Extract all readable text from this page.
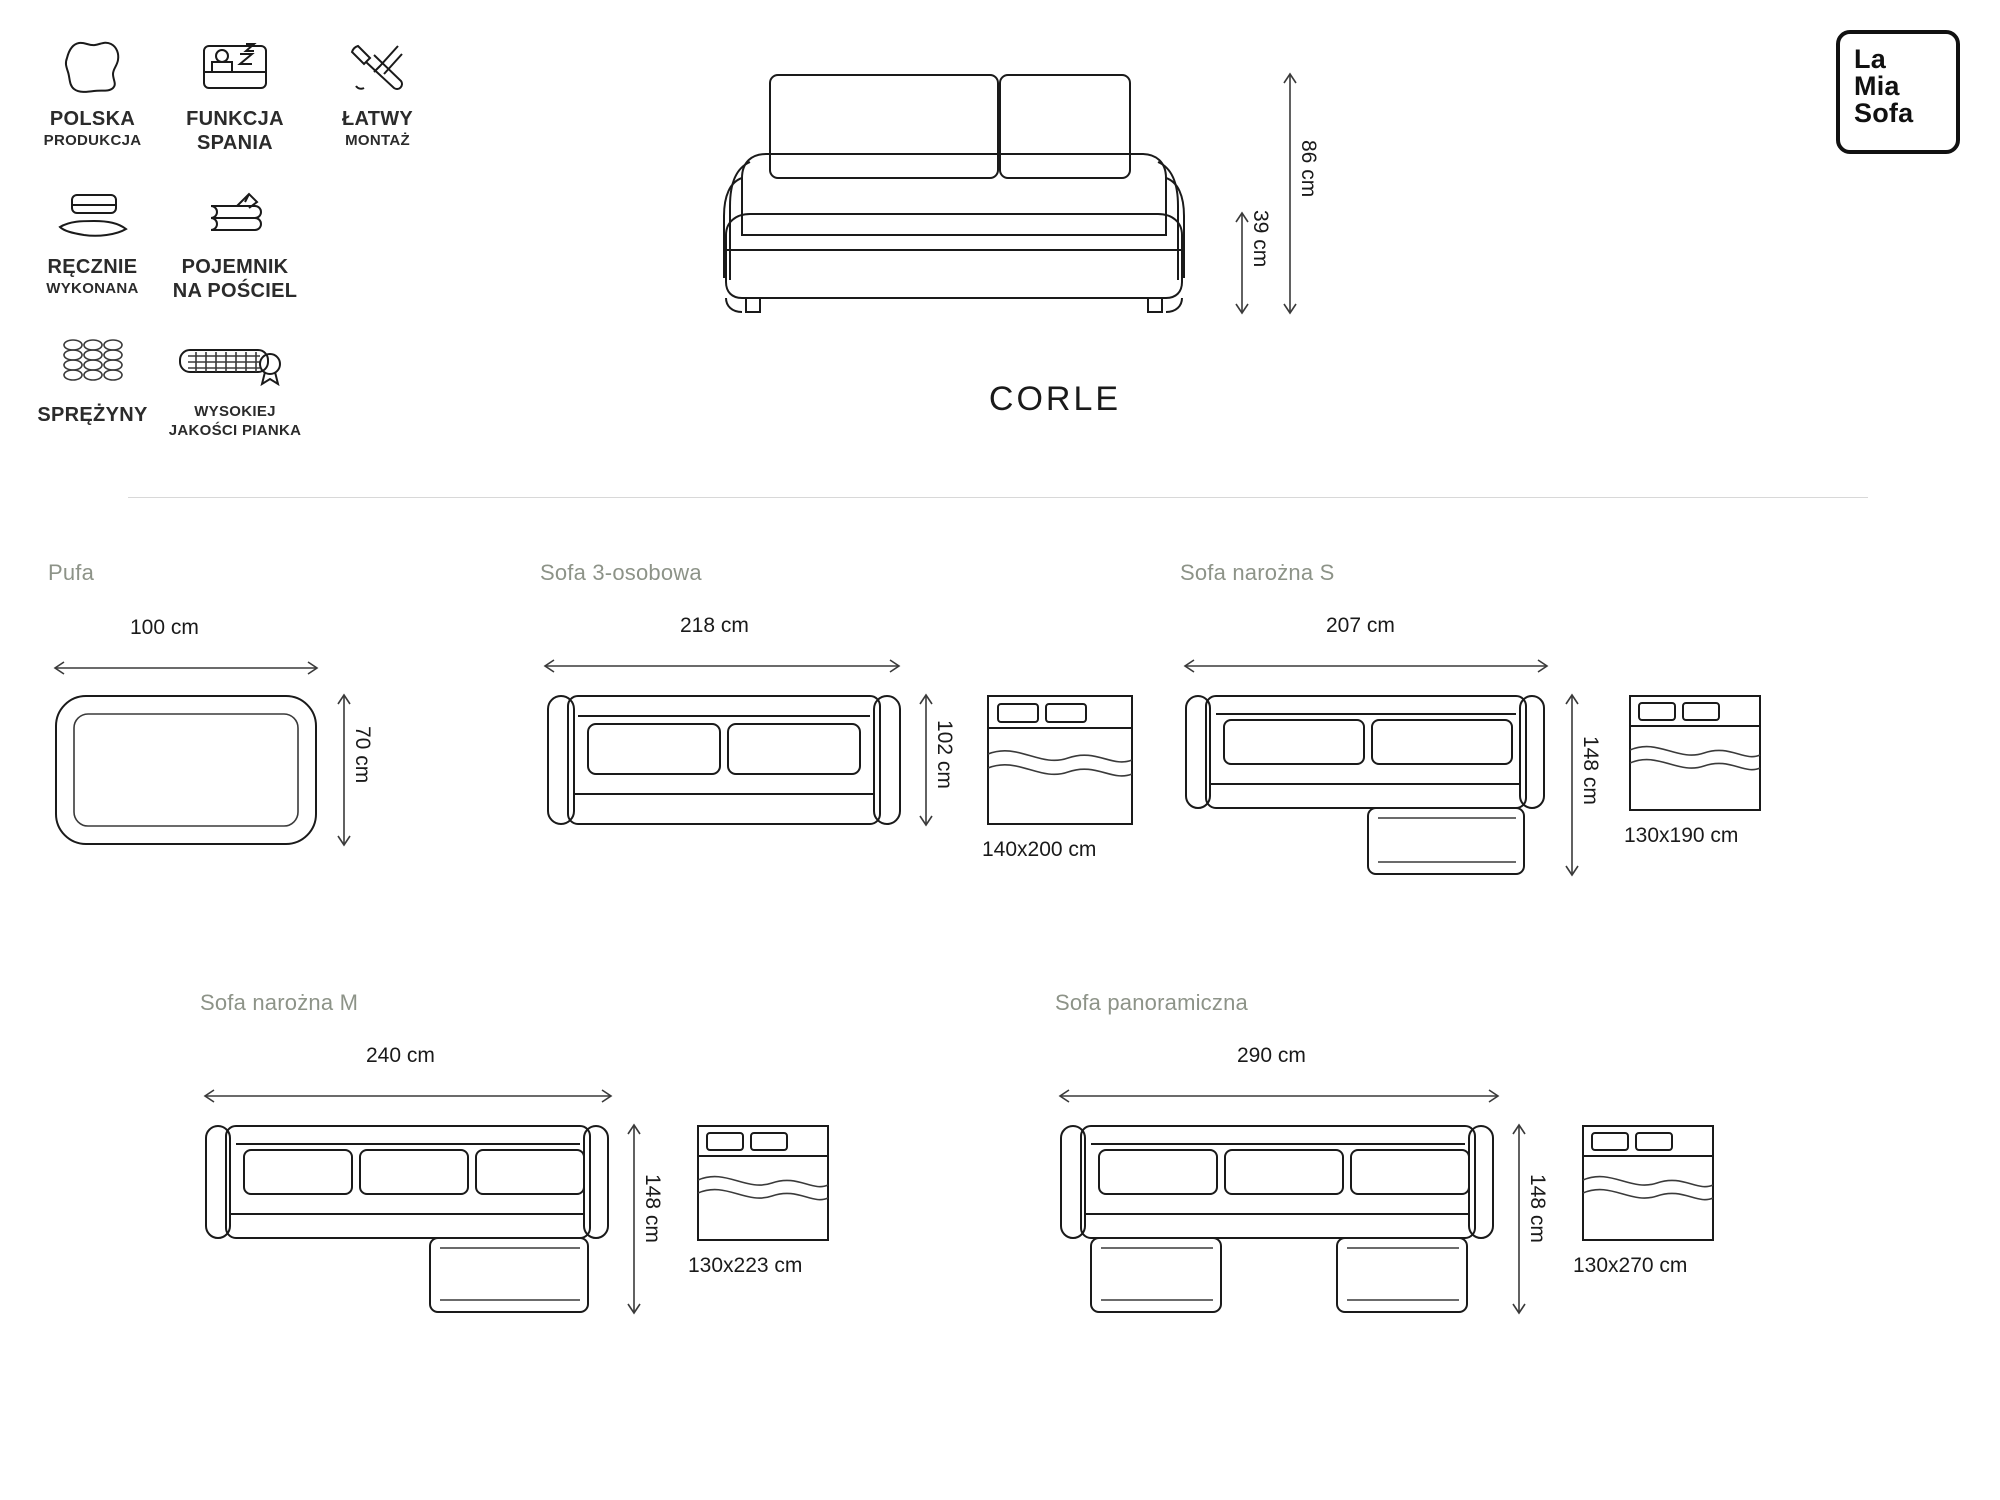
POLSKA
PRODUKCJA
FUNKCJA
SPANIA
ŁATWY
MONTAŻ
RĘCZNIE
WYKONANA
POJEMNIK
NA POŚCIEL
SPRĘŻYNY	WYSOKIEJ
JAKOŚCI PIANKA
La
Mia
Sofa
86 cm
39 cm
CORLE
Pufa
100 cm
70 cm
Sofa 3-osobowa
218 cm
102 cm
140x200 cm
Sofa narożna S
207 cm
148 cm
130x190 cm
Sofa narożna M
240 cm
148 cm
130x223 cm
Sofa panoramiczna
290 cm
148 cm
130x270 cm
